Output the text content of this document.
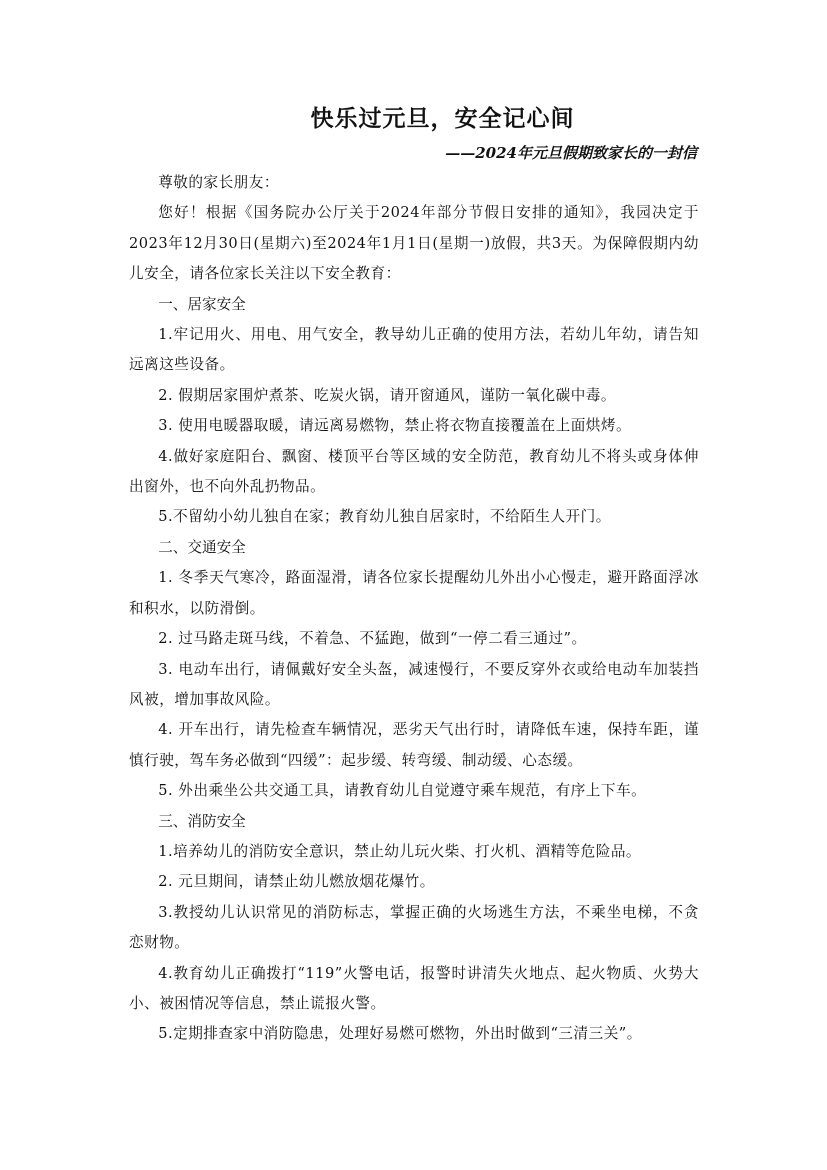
快乐过元旦，安全记心间
——2024年元旦假期致家长的一封信

尊敬的家长朋友：

您好！根据《国务院办公厅关于2024年部分节假日安排的通知》，我园决定于2023年12月30日(星期六)至2024年1月1日(星期一)放假，共3天。为保障假期内幼儿安全，请各位家长关注以下安全教育：

一、居家安全

1.牢记用火、用电、用气安全，教导幼儿正确的使用方法，若幼儿年幼，请告知远离这些设备。

2. 假期居家围炉煮茶、吃炭火锅，请开窗通风，谨防一氧化碳中毒。

3. 使用电暖器取暖，请远离易燃物，禁止将衣物直接覆盖在上面烘烤。

4.做好家庭阳台、飘窗、楼顶平台等区域的安全防范，教育幼儿不将头或身体伸出窗外，也不向外乱扔物品。

5.不留幼小幼儿独自在家；教育幼儿独自居家时，不给陌生人开门。

二、交通安全

1. 冬季天气寒冷，路面湿滑，请各位家长提醒幼儿外出小心慢走，避开路面浮冰和积水，以防滑倒。

2. 过马路走斑马线，不着急、不猛跑，做到“一停二看三通过”。

3. 电动车出行，请佩戴好安全头盔，减速慢行，不要反穿外衣或给电动车加装挡风被，增加事故风险。

4. 开车出行，请先检查车辆情况，恶劣天气出行时，请降低车速，保持车距，谨慎行驶，驾车务必做到“四缓”：起步缓、转弯缓、制动缓、心态缓。

5. 外出乘坐公共交通工具，请教育幼儿自觉遵守乘车规范，有序上下车。

三、消防安全

1.培养幼儿的消防安全意识，禁止幼儿玩火柴、打火机、酒精等危险品。

2. 元旦期间，请禁止幼儿燃放烟花爆竹。

3.教授幼儿认识常见的消防标志，掌握正确的火场逃生方法，不乘坐电梯，不贪恋财物。

4.教育幼儿正确拨打“119”火警电话，报警时讲清失火地点、起火物质、火势大小、被困情况等信息，禁止谎报火警。

5.定期排查家中消防隐患，处理好易燃可燃物，外出时做到“三清三关”。
